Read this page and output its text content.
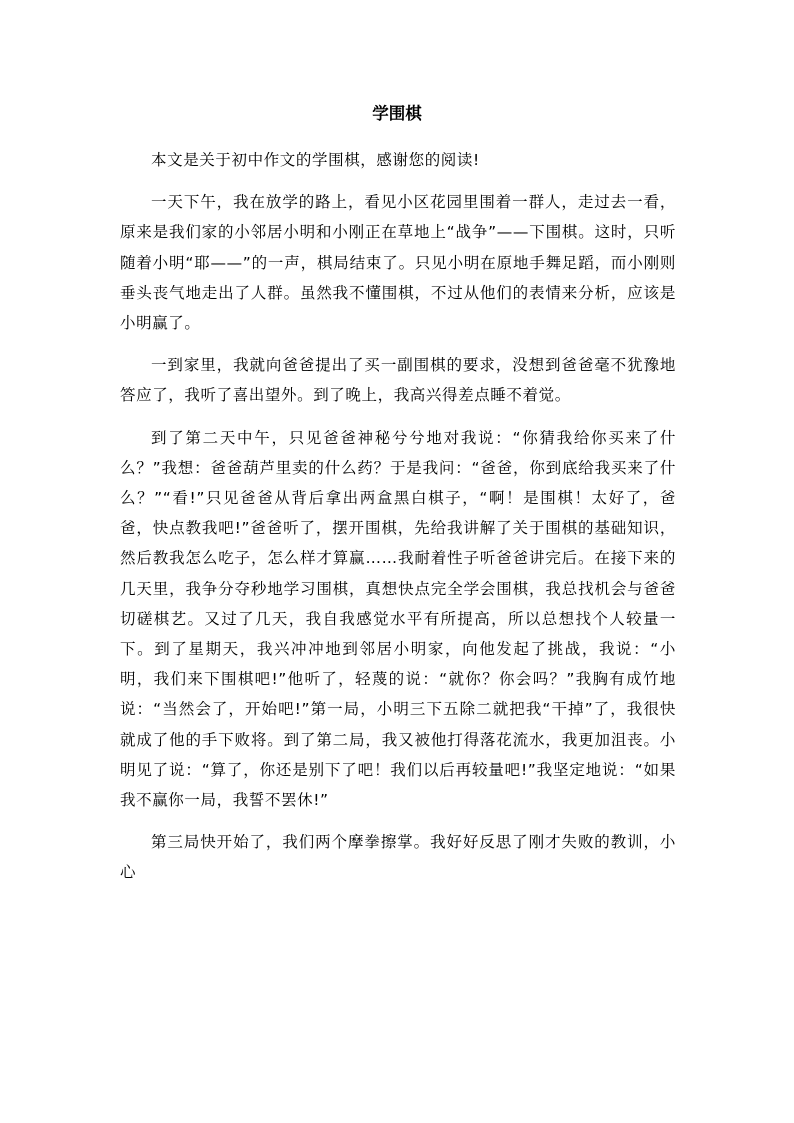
学围棋

本文是关于初中作文的学围棋，感谢您的阅读!

一天下午，我在放学的路上，看见小区花园里围着一群人，走过去一看，原来是我们家的小邻居小明和小刚正在草地上“战争”——下围棋。这时，只听随着小明“耶——”的一声，棋局结束了。只见小明在原地手舞足蹈，而小刚则垂头丧气地走出了人群。虽然我不懂围棋，不过从他们的表情来分析，应该是小明赢了。

一到家里，我就向爸爸提出了买一副围棋的要求，没想到爸爸毫不犹豫地答应了，我听了喜出望外。到了晚上，我高兴得差点睡不着觉。

到了第二天中午，只见爸爸神秘兮兮地对我说：“你猜我给你买来了什么？”我想：爸爸葫芦里卖的什么药？于是我问：“爸爸，你到底给我买来了什么？”“看!”只见爸爸从背后拿出两盒黑白棋子，“啊！是围棋！太好了，爸爸，快点教我吧!”爸爸听了，摆开围棋，先给我讲解了关于围棋的基础知识，然后教我怎么吃子，怎么样才算赢……我耐着性子听爸爸讲完后。在接下来的几天里，我争分夺秒地学习围棋，真想快点完全学会围棋，我总找机会与爸爸切磋棋艺。又过了几天，我自我感觉水平有所提高，所以总想找个人较量一下。到了星期天，我兴冲冲地到邻居小明家，向他发起了挑战，我说：“小明，我们来下围棋吧!”他听了，轻蔑的说：“就你？你会吗？”我胸有成竹地说：“当然会了，开始吧!”第一局，小明三下五除二就把我“干掉”了，我很快就成了他的手下败将。到了第二局，我又被他打得落花流水，我更加沮丧。小明见了说：“算了，你还是别下了吧！我们以后再较量吧!”我坚定地说：“如果我不赢你一局，我誓不罢休!”

第三局快开始了，我们两个摩拳擦掌。我好好反思了刚才失败的教训，小心
